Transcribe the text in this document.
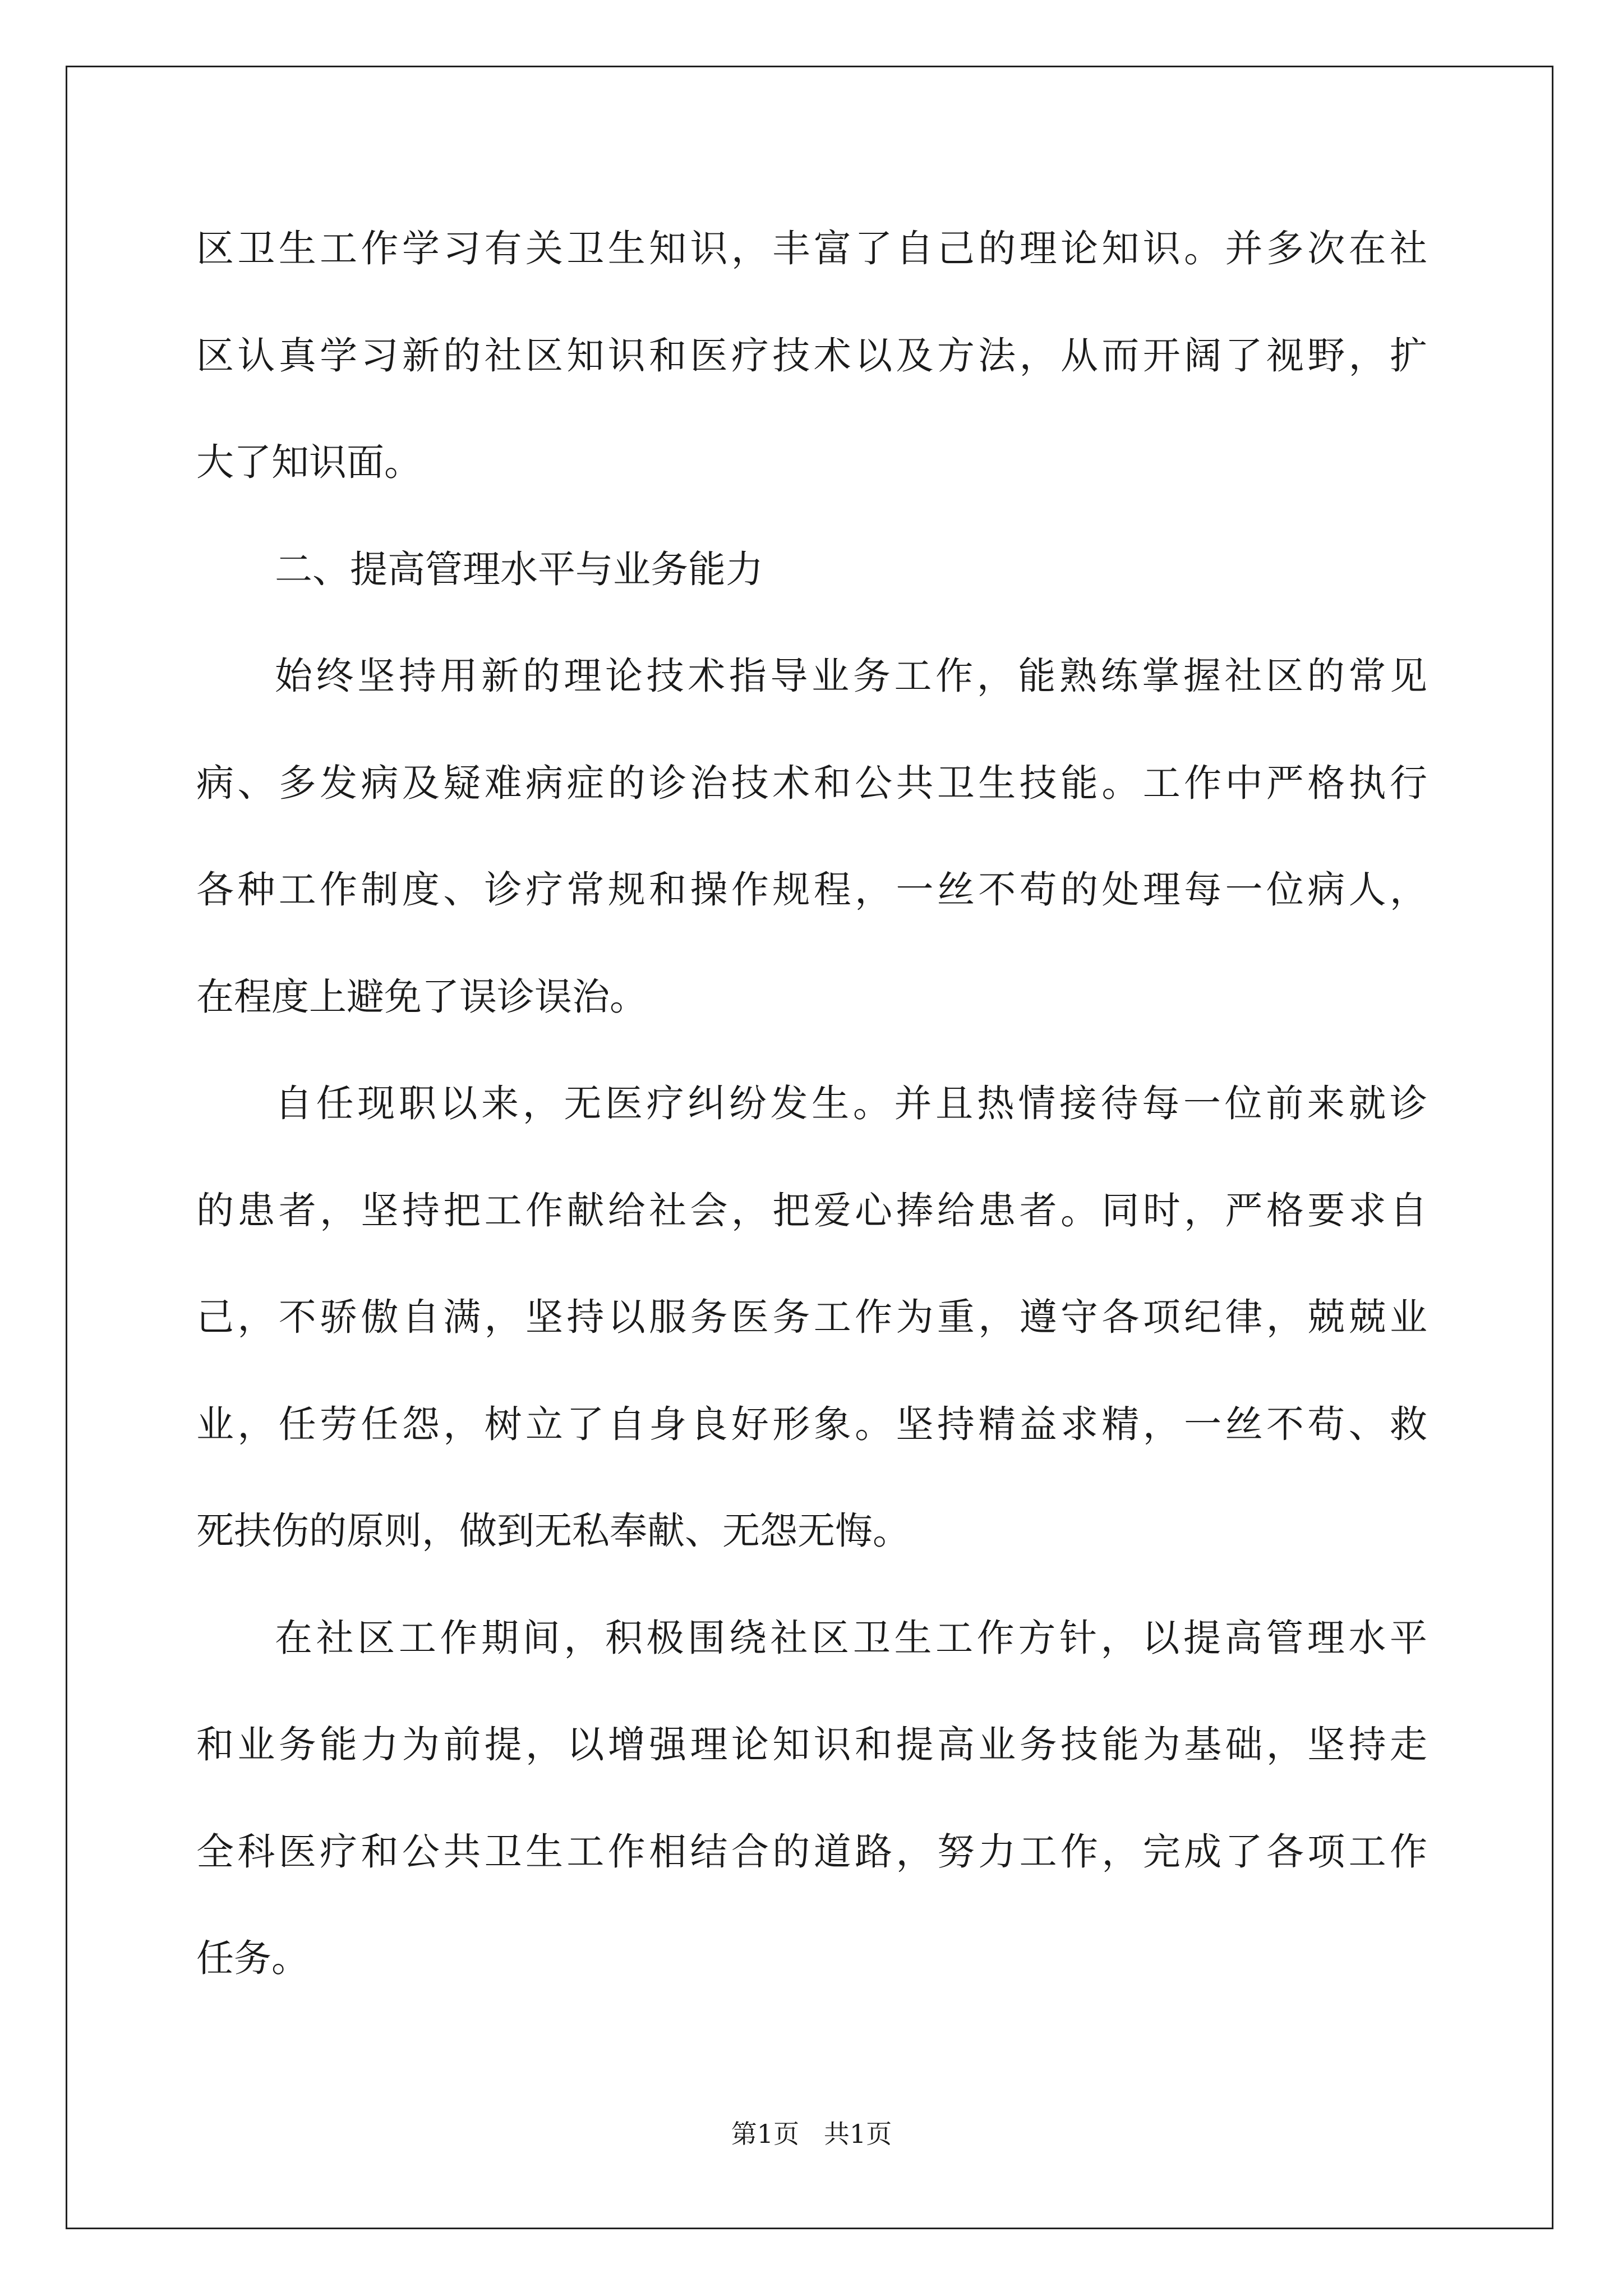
区卫生工作学习有关卫生知识，丰富了自己的理论知识。并多次在社
区认真学习新的社区知识和医疗技术以及方法，从而开阔了视野，扩
大了知识面。
二、提高管理水平与业务能力
始终坚持用新的理论技术指导业务工作，能熟练掌握社区的常见
病、多发病及疑难病症的诊治技术和公共卫生技能。工作中严格执行
各种工作制度、诊疗常规和操作规程，一丝不苟的处理每一位病人，
在程度上避免了误诊误治。
自任现职以来，无医疗纠纷发生。并且热情接待每一位前来就诊
的患者，坚持把工作献给社会，把爱心捧给患者。同时，严格要求自
己，不骄傲自满，坚持以服务医务工作为重，遵守各项纪律，兢兢业
业，任劳任怨，树立了自身良好形象。坚持精益求精，一丝不苟、救
死扶伤的原则，做到无私奉献、无怨无悔。
在社区工作期间，积极围绕社区卫生工作方针，以提高管理水平
和业务能力为前提，以增强理论知识和提高业务技能为基础，坚持走
全科医疗和公共卫生工作相结合的道路，努力工作，完成了各项工作
任务。
第1页   共1页
